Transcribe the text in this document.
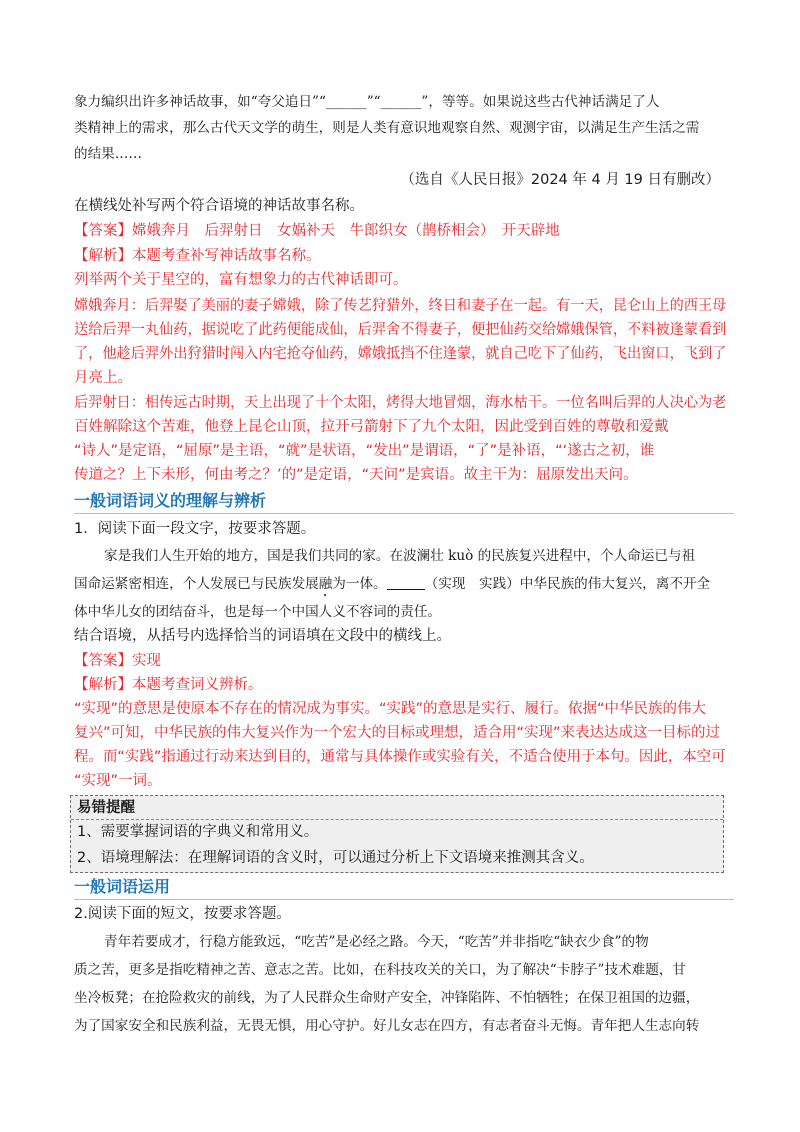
象力编织出许多神话故事，如“夸父追日”“______”“______”，等等。如果说这些古代神话满足了人
类精神上的需求，那么古代天文学的萌生，则是人类有意识地观察自然、观测宇宙，以满足生产生活之需
的结果……
（选自《人民日报》2024 年 4 月 19 日有删改）
在横线处补写两个符合语境的神话故事名称。
【答案】嫦娥奔月　后羿射日　女娲补天　牛郎织女（鹊桥相会）　开天辟地
【解析】本题考查补写神话故事名称。
列举两个关于星空的，富有想象力的古代神话即可。
嫦娥奔月：后羿娶了美丽的妻子嫦娥，除了传艺狩猎外，终日和妻子在一起。有一天，昆仑山上的西王母
送给后羿一丸仙药，据说吃了此药便能成仙，后羿舍不得妻子，便把仙药交给嫦娥保管，不料被逢蒙看到
了，他趁后羿外出狩猎时闯入内宅抢夺仙药，嫦娥抵挡不住逢蒙，就自己吃下了仙药，飞出窗口，飞到了
月亮上。
后羿射日：相传远古时期，天上出现了十个太阳，烤得大地冒烟，海水枯干。一位名叫后羿的人决心为老
百姓解除这个苦难，他登上昆仑山顶，拉开弓箭射下了九个太阳，因此受到百姓的尊敬和爱戴
“诗人”是定语，“屈原”是主语，“就”是状语，“发出”是谓语，“了”是补语，“‘遂古之初，谁
传道之？上下未形，何由考之？’的”是定语，“天问”是宾语。故主干为：屈原发出天问。
一般词语词义的理解与辨析
1．阅读下面一段文字，按要求答题。
家是我们人生开始的地方，国是我们共同的家。在波澜壮 kuò 的民族复兴进程中，个人命运已与祖
国命运紧密相连，个人发展已与民族发展融为一体。	（实现　实践）中华民族的伟大复兴，离不开全
体中华儿女的团结奋斗，也是每一个中国人义不容词的责任。
结合语境，从括号内选择恰当的词语填在文段中的横线上。
【答案】实现
【解析】本题考查词义辨析。
“实现”的意思是使原本不存在的情况成为事实。“实践”的意思是实行、履行。依据“中华民族的伟大
复兴”可知，中华民族的伟大复兴作为一个宏大的目标或理想，适合用“实现”来表达达成这一目标的过
程。而“实践”指通过行动来达到目的，通常与具体操作或实验有关，不适合使用于本句。因此，本空可
“实现”一词。
易错提醒
1、需要掌握词语的字典义和常用义。
2、语境理解法：在理解词语的含义时，可以通过分析上下文语境来推测其含义。
一般词语运用
2.阅读下面的短文，按要求答题。
青年若要成才，行稳方能致远，“吃苦”是必经之路。今天，“吃苦”并非指吃“缺衣少食”的物
质之苦，更多是指吃精神之苦、意志之苦。比如，在科技攻关的关口，为了解决“卡脖子”技术难题，甘
坐冷板凳；在抢险救灾的前线，为了人民群众生命财产安全，冲锋陷阵、不怕牺牲；在保卫祖国的边疆，
为了国家安全和民族利益，无畏无惧，用心守护。好儿女志在四方，有志者奋斗无悔。青年把人生志向转
